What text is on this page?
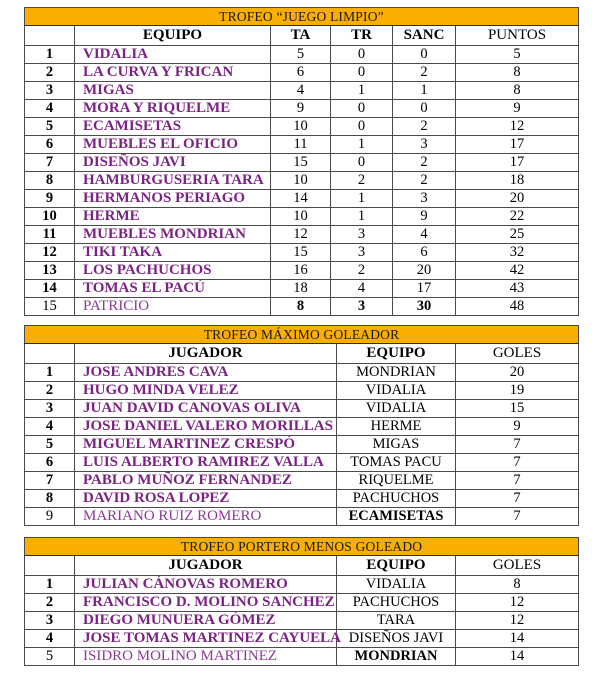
TROFEO “JUEGO LIMPIO”					
	EQUIPO	TA	TR	SANC	PUNTOS
1	VIDALIA	5	0	0	5
2	LA CURVA Y FRICAN	6	0	2	8
3	MIGAS	4	1	1	8
4	MORA Y RIQUELME	9	0	0	9
5	ECAMISETAS	10	0	2	12
6	MUEBLES EL OFICIO	11	1	3	17
7	DISEÑOS JAVI	15	0	2	17
8	HAMBURGUSERIA TARA	10	2	2	18
9	HERMANOS PERIAGO	14	1	3	20
10	HERME	10	1	9	22
11	MUEBLES MONDRIAN	12	3	4	25
12	TIKI TAKA	15	3	6	32
13	LOS PACHUCHOS	16	2	20	42
14	TOMAS EL PACÚ	18	4	17	43
15	PATRICIO	8	3	30	48
TROFEO MÁXIMO GOLEADOR			
	JUGADOR	EQUIPO	GOLES
1	JOSE ANDRES CAVA	MONDRIAN	20
2	HUGO MINDA VELEZ	VIDALIA	19
3	JUAN DAVID CANOVAS OLIVA	VIDALIA	15
4	JOSE DANIEL VALERO MORILLAS	HERME	9
5	MIGUEL MARTINEZ CRESPÒ	MIGAS	7
6	LUIS ALBERTO RAMIREZ VALLA	TOMAS PACU	7
7	PABLO MUÑOZ FERNANDEZ	RIQUELME	7
8	DAVID ROSA LOPEZ	PACHUCHOS	7
9	MARIANO RUIZ ROMERO	ECAMISETAS	7
TROFEO PORTERO MENOS GOLEADO			
	JUGADOR	EQUIPO	GOLES
1	JULIAN CÁNOVAS ROMERO	VIDALIA	8
2	FRANCISCO D. MOLINO SANCHEZ	PACHUCHOS	12
3	DIEGO MUNUERA GÓMEZ	TARA	12
4	JOSE TOMAS MARTINEZ CAYUELA	DISEÑOS JAVI	14
5	ISIDRO MOLINO MARTINEZ	MONDRIAN	14
